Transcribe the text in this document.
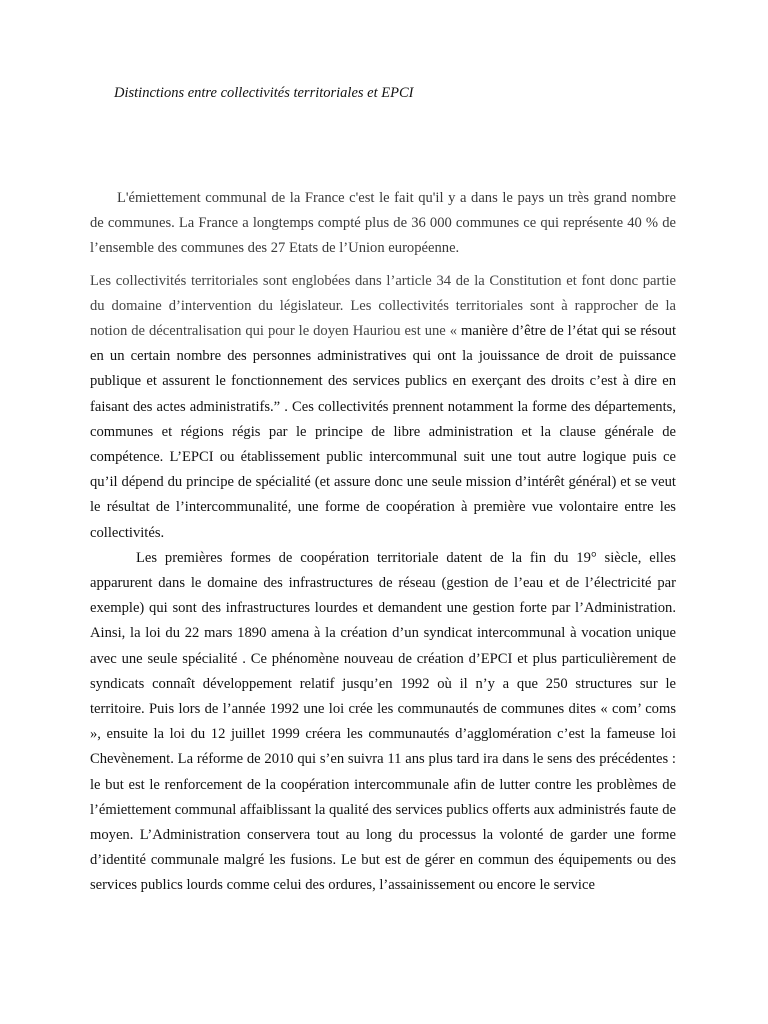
Distinctions entre collectivités territoriales et EPCI

L'émiettement communal de la France c'est le fait qu'il y a dans le pays un très grand nombre de communes. La France a longtemps compté plus de 36 000 communes ce qui représente 40 % de l’ensemble des communes des 27 Etats de l’Union européenne.

Les collectivités territoriales sont englobées dans l’article 34 de la Constitution et font donc partie du domaine d’intervention du législateur. Les collectivités territoriales sont à rapprocher de la notion de décentralisation qui pour le doyen Hauriou est une « manière d’être de l’état qui se résout en un certain nombre des personnes administratives qui ont la jouissance de droit de puissance publique et assurent le fonctionnement des services publics en exerçant des droits c’est à dire en faisant des actes administratifs.” . Ces collectivités prennent notamment la forme des départements, communes et régions régis par le principe de libre administration et la clause générale de compétence. L’EPCI ou établissement public intercommunal suit une tout autre logique puis ce qu’il dépend du principe de spécialité (et assure donc une seule mission d’intérêt général) et se veut le résultat de l’intercommunalité, une forme de coopération à première vue volontaire entre les collectivités.

Les premières formes de coopération territoriale datent de la fin du 19° siècle, elles apparurent dans le domaine des infrastructures de réseau (gestion de l’eau et de l’électricité par exemple) qui sont des infrastructures lourdes et demandent une gestion forte par l’Administration. Ainsi, la loi du 22 mars 1890 amena à la création d’un syndicat intercommunal à vocation unique avec une seule spécialité . Ce phénomène nouveau de création d’EPCI et plus particulièrement de syndicats connaît développement relatif jusqu’en 1992 où il n’y a que 250 structures sur le territoire. Puis lors de l’année 1992 une loi crée les communautés de communes dites « com’ coms », ensuite la loi du 12 juillet 1999 créera les communautés d’agglomération c’est la fameuse loi Chevènement. La réforme de 2010 qui s’en suivra 11 ans plus tard ira dans le sens des précédentes : le but est le renforcement de la coopération intercommunale afin de lutter contre les problèmes de l’émiettement communal affaiblissant la qualité des services publics offerts aux administrés faute de moyen. L’Administration conservera tout au long du processus la volonté de garder une forme d’identité communale malgré les fusions. Le but est de gérer en commun des équipements ou des services publics lourds comme celui des ordures, l’assainissement ou encore le service
